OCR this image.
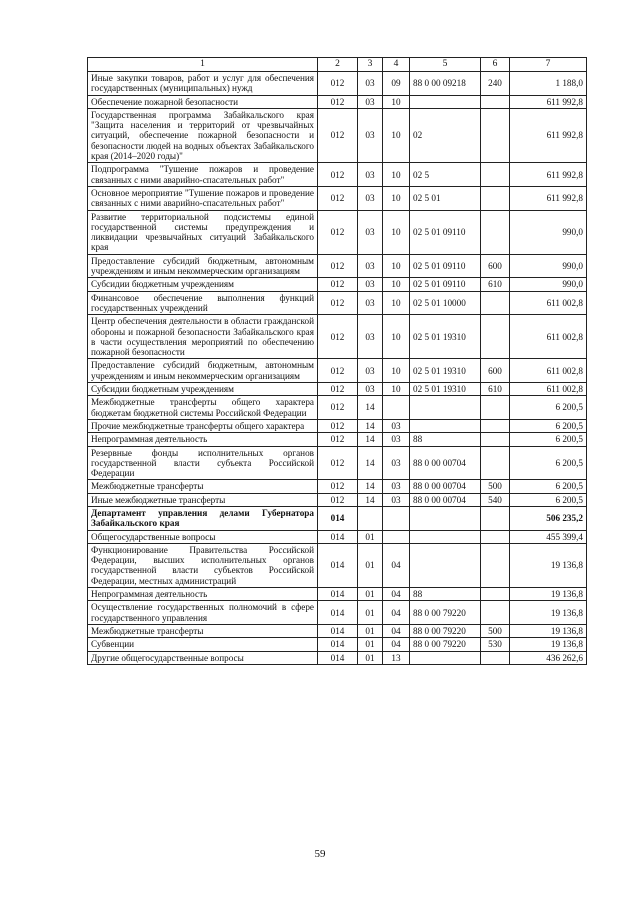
1	2	3	4	5	6	7
Иные закупки товаров, работ и услуг для обеспечения государственных (муниципальных) нужд	012	03	09	88 0 00 09218	240	1 188,0
Обеспечение пожарной безопасности	012	03	10			611 992,8
Государственная программа Забайкальского края "Защита населения и территорий от чрезвычайных ситуаций, обеспечение пожарной безопасности и безопасности людей на водных объектах Забайкальского края (2014–2020 годы)"	012	03	10	02		611 992,8
Подпрограмма "Тушение пожаров и проведение связанных с ними аварийно-спасательных работ"	012	03	10	02 5		611 992,8
Основное мероприятие "Тушение пожаров и проведение связанных с ними аварийно-спасательных работ"	012	03	10	02 5 01		611 992,8
Развитие территориальной подсистемы единой государственной системы предупреждения и ликвидации чрезвычайных ситуаций Забайкальского края	012	03	10	02 5 01 09110		990,0
Предоставление субсидий бюджетным, автономным учреждениям и иным некоммерческим организациям	012	03	10	02 5 01 09110	600	990,0
Субсидии бюджетным учреждениям	012	03	10	02 5 01 09110	610	990,0
Финансовое обеспечение выполнения функций государственных учреждений	012	03	10	02 5 01 10000		611 002,8
Центр обеспечения деятельности в области гражданской обороны и пожарной безопасности Забайкальского края в части осуществления мероприятий по обеспечению пожарной безопасности	012	03	10	02 5 01 19310		611 002,8
Предоставление субсидий бюджетным, автономным учреждениям и иным некоммерческим организациям	012	03	10	02 5 01 19310	600	611 002,8
Субсидии бюджетным учреждениям	012	03	10	02 5 01 19310	610	611 002,8
Межбюджетные трансферты общего характера бюджетам бюджетной системы Российской Федерации	012	14				6 200,5
Прочие межбюджетные трансферты общего характера	012	14	03			6 200,5
Непрограммная деятельность	012	14	03	88		6 200,5
Резервные фонды исполнительных органов государственной власти субъекта Российской Федерации	012	14	03	88 0 00 00704		6 200,5
Межбюджетные трансферты	012	14	03	88 0 00 00704	500	6 200,5
Иные межбюджетные трансферты	012	14	03	88 0 00 00704	540	6 200,5
Департамент управления делами Губернатора Забайкальского края	014					506 235,2
Общегосударственные вопросы	014	01				455 399,4
Функционирование Правительства Российской Федерации, высших исполнительных органов государственной власти субъектов Российской Федерации, местных администраций	014	01	04			19 136,8
Непрограммная деятельность	014	01	04	88		19 136,8
Осуществление государственных полномочий в сфере государственного управления	014	01	04	88 0 00 79220		19 136,8
Межбюджетные трансферты	014	01	04	88 0 00 79220	500	19 136,8
Субвенции	014	01	04	88 0 00 79220	530	19 136,8
Другие общегосударственные вопросы	014	01	13			436 262,6
59
